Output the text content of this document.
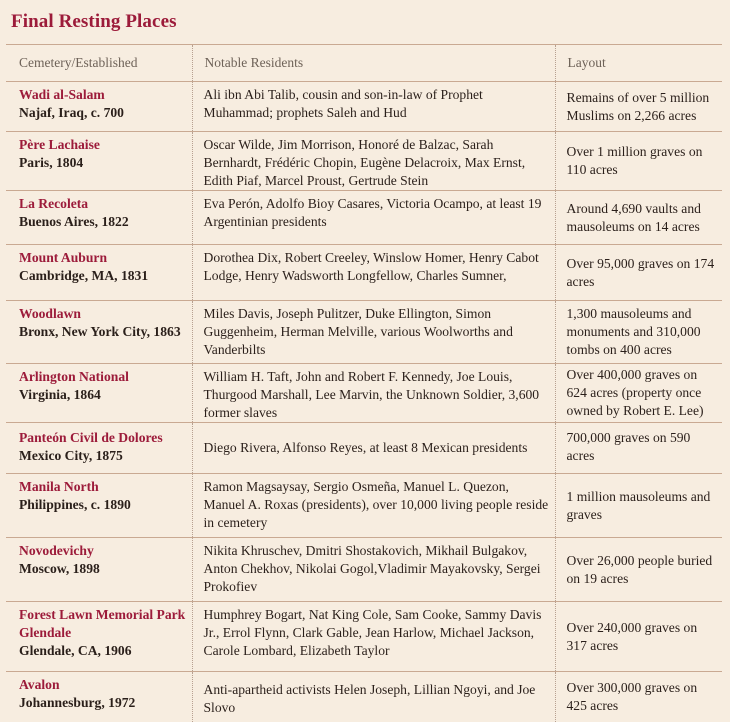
Final Resting Places
Cemetery/Established	Notable Residents	Layout

Wadi al-Salam
Najaf, Iraq, c. 700	Ali ibn Abi Talib, cousin and son-in-law of Prophet Muhammad; prophets Saleh and Hud	Remains of over 5 million Muslims on 2,266 acres

Père Lachaise
Paris, 1804	Oscar Wilde, Jim Morrison, Honoré de Balzac, Sarah Bernhardt, Frédéric Chopin, Eugène Delacroix, Max Ernst, Edith Piaf, Marcel Proust, Gertrude Stein	Over 1 million graves on 110 acres

La Recoleta
Buenos Aires, 1822	Eva Perón, Adolfo Bioy Casares, Victoria Ocampo, at least 19 Argentinian presidents	Around 4,690 vaults and mausoleums on 14 acres

Mount Auburn
Cambridge, MA, 1831	Dorothea Dix, Robert Creeley, Winslow Homer, Henry Cabot Lodge, Henry Wadsworth Longfellow, Charles Sumner,	Over 95,000 graves on 174 acres

Woodlawn
Bronx, New York City, 1863	Miles Davis, Joseph Pulitzer, Duke Ellington, Simon Guggenheim, Herman Melville, various Woolworths and Vanderbilts	1,300 mausoleums and monuments and 310,000 tombs on 400 acres

Arlington National
Virginia, 1864	William H. Taft, John and Robert F. Kennedy, Joe Louis, Thurgood Marshall, Lee Marvin, the Unknown Soldier, 3,600 former slaves	Over 400,000 graves on 624 acres (property once owned by Robert E. Lee)

Panteón Civil de Dolores
Mexico City, 1875	Diego Rivera, Alfonso Reyes, at least 8 Mexican presidents	700,000 graves on 590 acres

Manila North
Philippines, c. 1890	Ramon Magsaysay, Sergio Osmeña, Manuel L. Quezon, Manuel A. Roxas (presidents), over 10,000 living people reside in cemetery	1 million mausoleums and graves

Novodevichy
Moscow, 1898	Nikita Khruschev, Dmitri Shostakovich, Mikhail Bulgakov, Anton Chekhov, Nikolai Gogol,Vladimir Mayakovsky, Sergei Prokofiev	Over 26,000 people buried on 19 acres

Forest Lawn Memorial Park Glendale
Glendale, CA, 1906	Humphrey Bogart, Nat King Cole, Sam Cooke, Sammy Davis Jr., Errol Flynn, Clark Gable, Jean Harlow, Michael Jackson, Carole Lombard, Elizabeth Taylor	Over 240,000 graves on 317 acres

Avalon
Johannesburg, 1972	Anti-apartheid activists Helen Joseph, Lillian Ngoyi, and Joe Slovo	Over 300,000 graves on 425 acres
